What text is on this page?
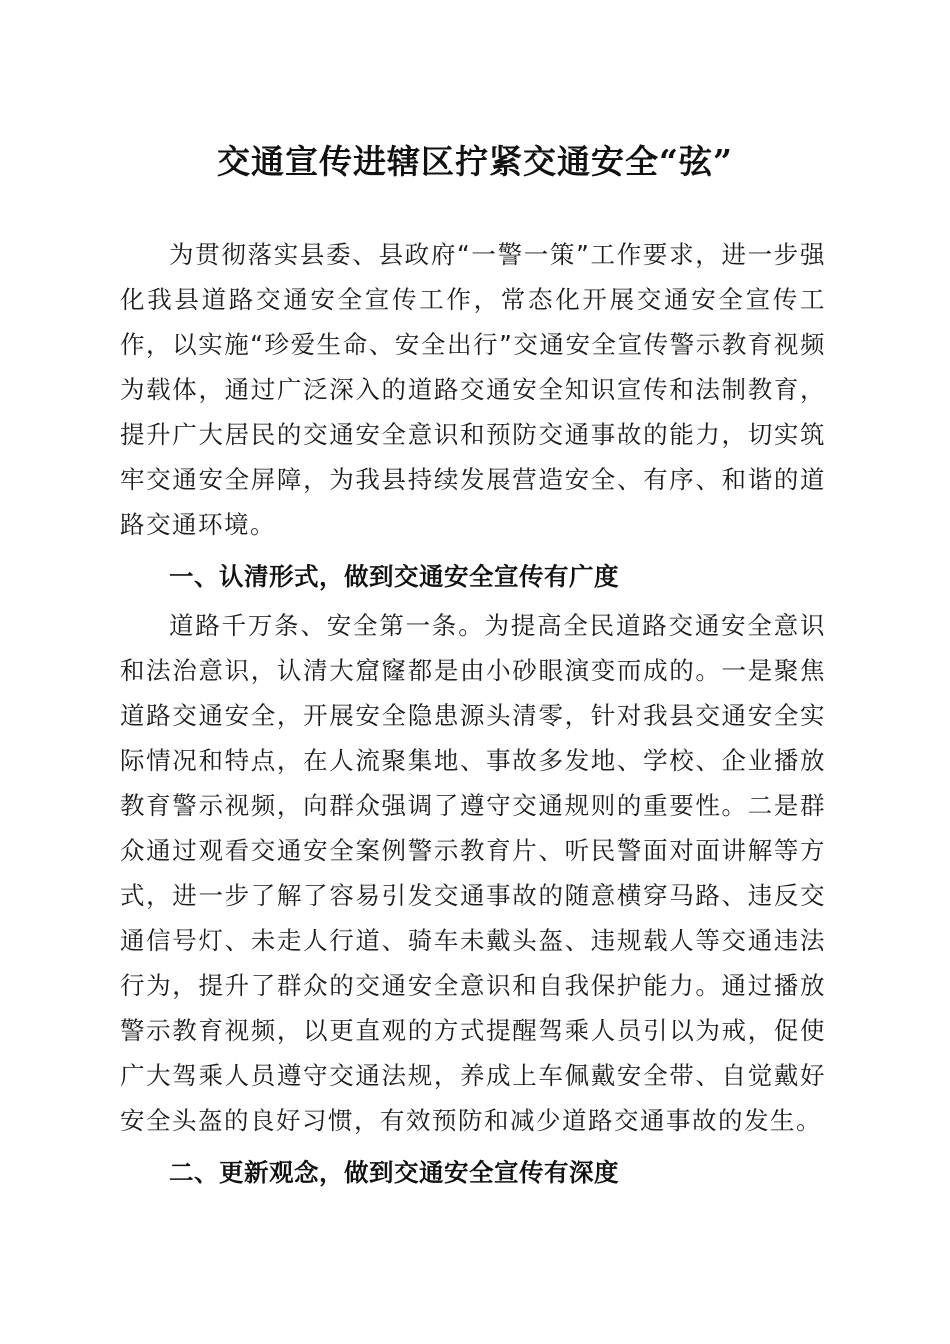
交通宣传进辖区拧紧交通安全“弦”

为贯彻落实县委、县政府“一警一策”工作要求，进一步强化我县道路交通安全宣传工作，常态化开展交通安全宣传工作，以实施“珍爱生命、安全出行”交通安全宣传警示教育视频为载体，通过广泛深入的道路交通安全知识宣传和法制教育，提升广大居民的交通安全意识和预防交通事故的能力，切实筑牢交通安全屏障，为我县持续发展营造安全、有序、和谐的道路交通环境。

一、认清形式，做到交通安全宣传有广度

道路千万条、安全第一条。为提高全民道路交通安全意识和法治意识，认清大窟窿都是由小砂眼演变而成的。一是聚焦道路交通安全，开展安全隐患源头清零，针对我县交通安全实际情况和特点，在人流聚集地、事故多发地、学校、企业播放教育警示视频，向群众强调了遵守交通规则的重要性。二是群众通过观看交通安全案例警示教育片、听民警面对面讲解等方式，进一步了解了容易引发交通事故的随意横穿马路、违反交通信号灯、未走人行道、骑车未戴头盔、违规载人等交通违法行为，提升了群众的交通安全意识和自我保护能力。通过播放警示教育视频，以更直观的方式提醒驾乘人员引以为戒，促使广大驾乘人员遵守交通法规，养成上车佩戴安全带、自觉戴好安全头盔的良好习惯，有效预防和减少道路交通事故的发生。

二、更新观念，做到交通安全宣传有深度
